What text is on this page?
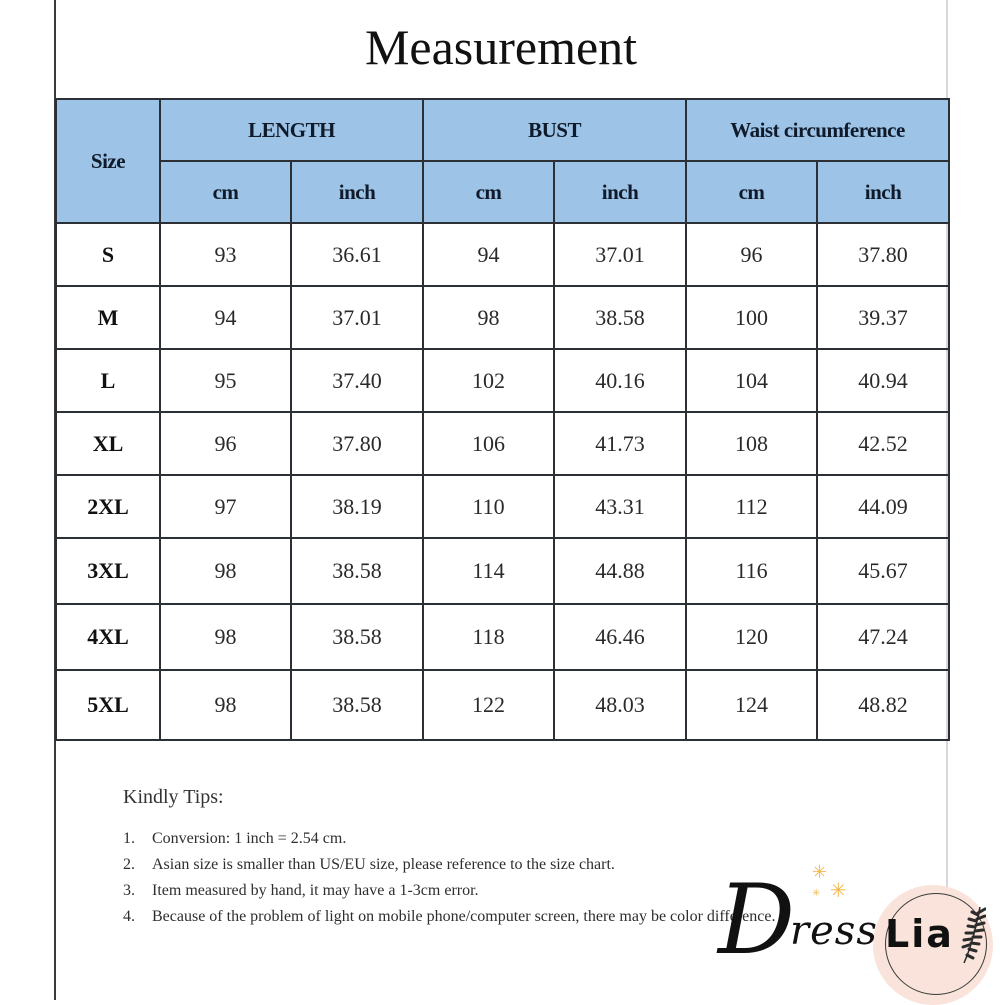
Measurement
Size	LENGTH		BUST		Waist circumference	
	cm	inch	cm	inch	cm	inch
S	93	36.61	94	37.01	96	37.80
M	94	37.01	98	38.58	100	39.37
L	95	37.40	102	40.16	104	40.94
XL	96	37.80	106	41.73	108	42.52
2XL	97	38.19	110	43.31	112	44.09
3XL	98	38.58	114	44.88	116	45.67
4XL	98	38.58	118	46.46	120	47.24
5XL	98	38.58	122	48.03	124	48.82
Kindly Tips:
1. Conversion: 1 inch = 2.54 cm.
2. Asian size is smaller than US/EU size, please reference to the size chart.
3. Item measured by hand, it may have a 1-3cm error.
4. Because of the problem of light on mobile phone/computer screen, there may be color difference.
✳
✳
✳
D
ress Lia
